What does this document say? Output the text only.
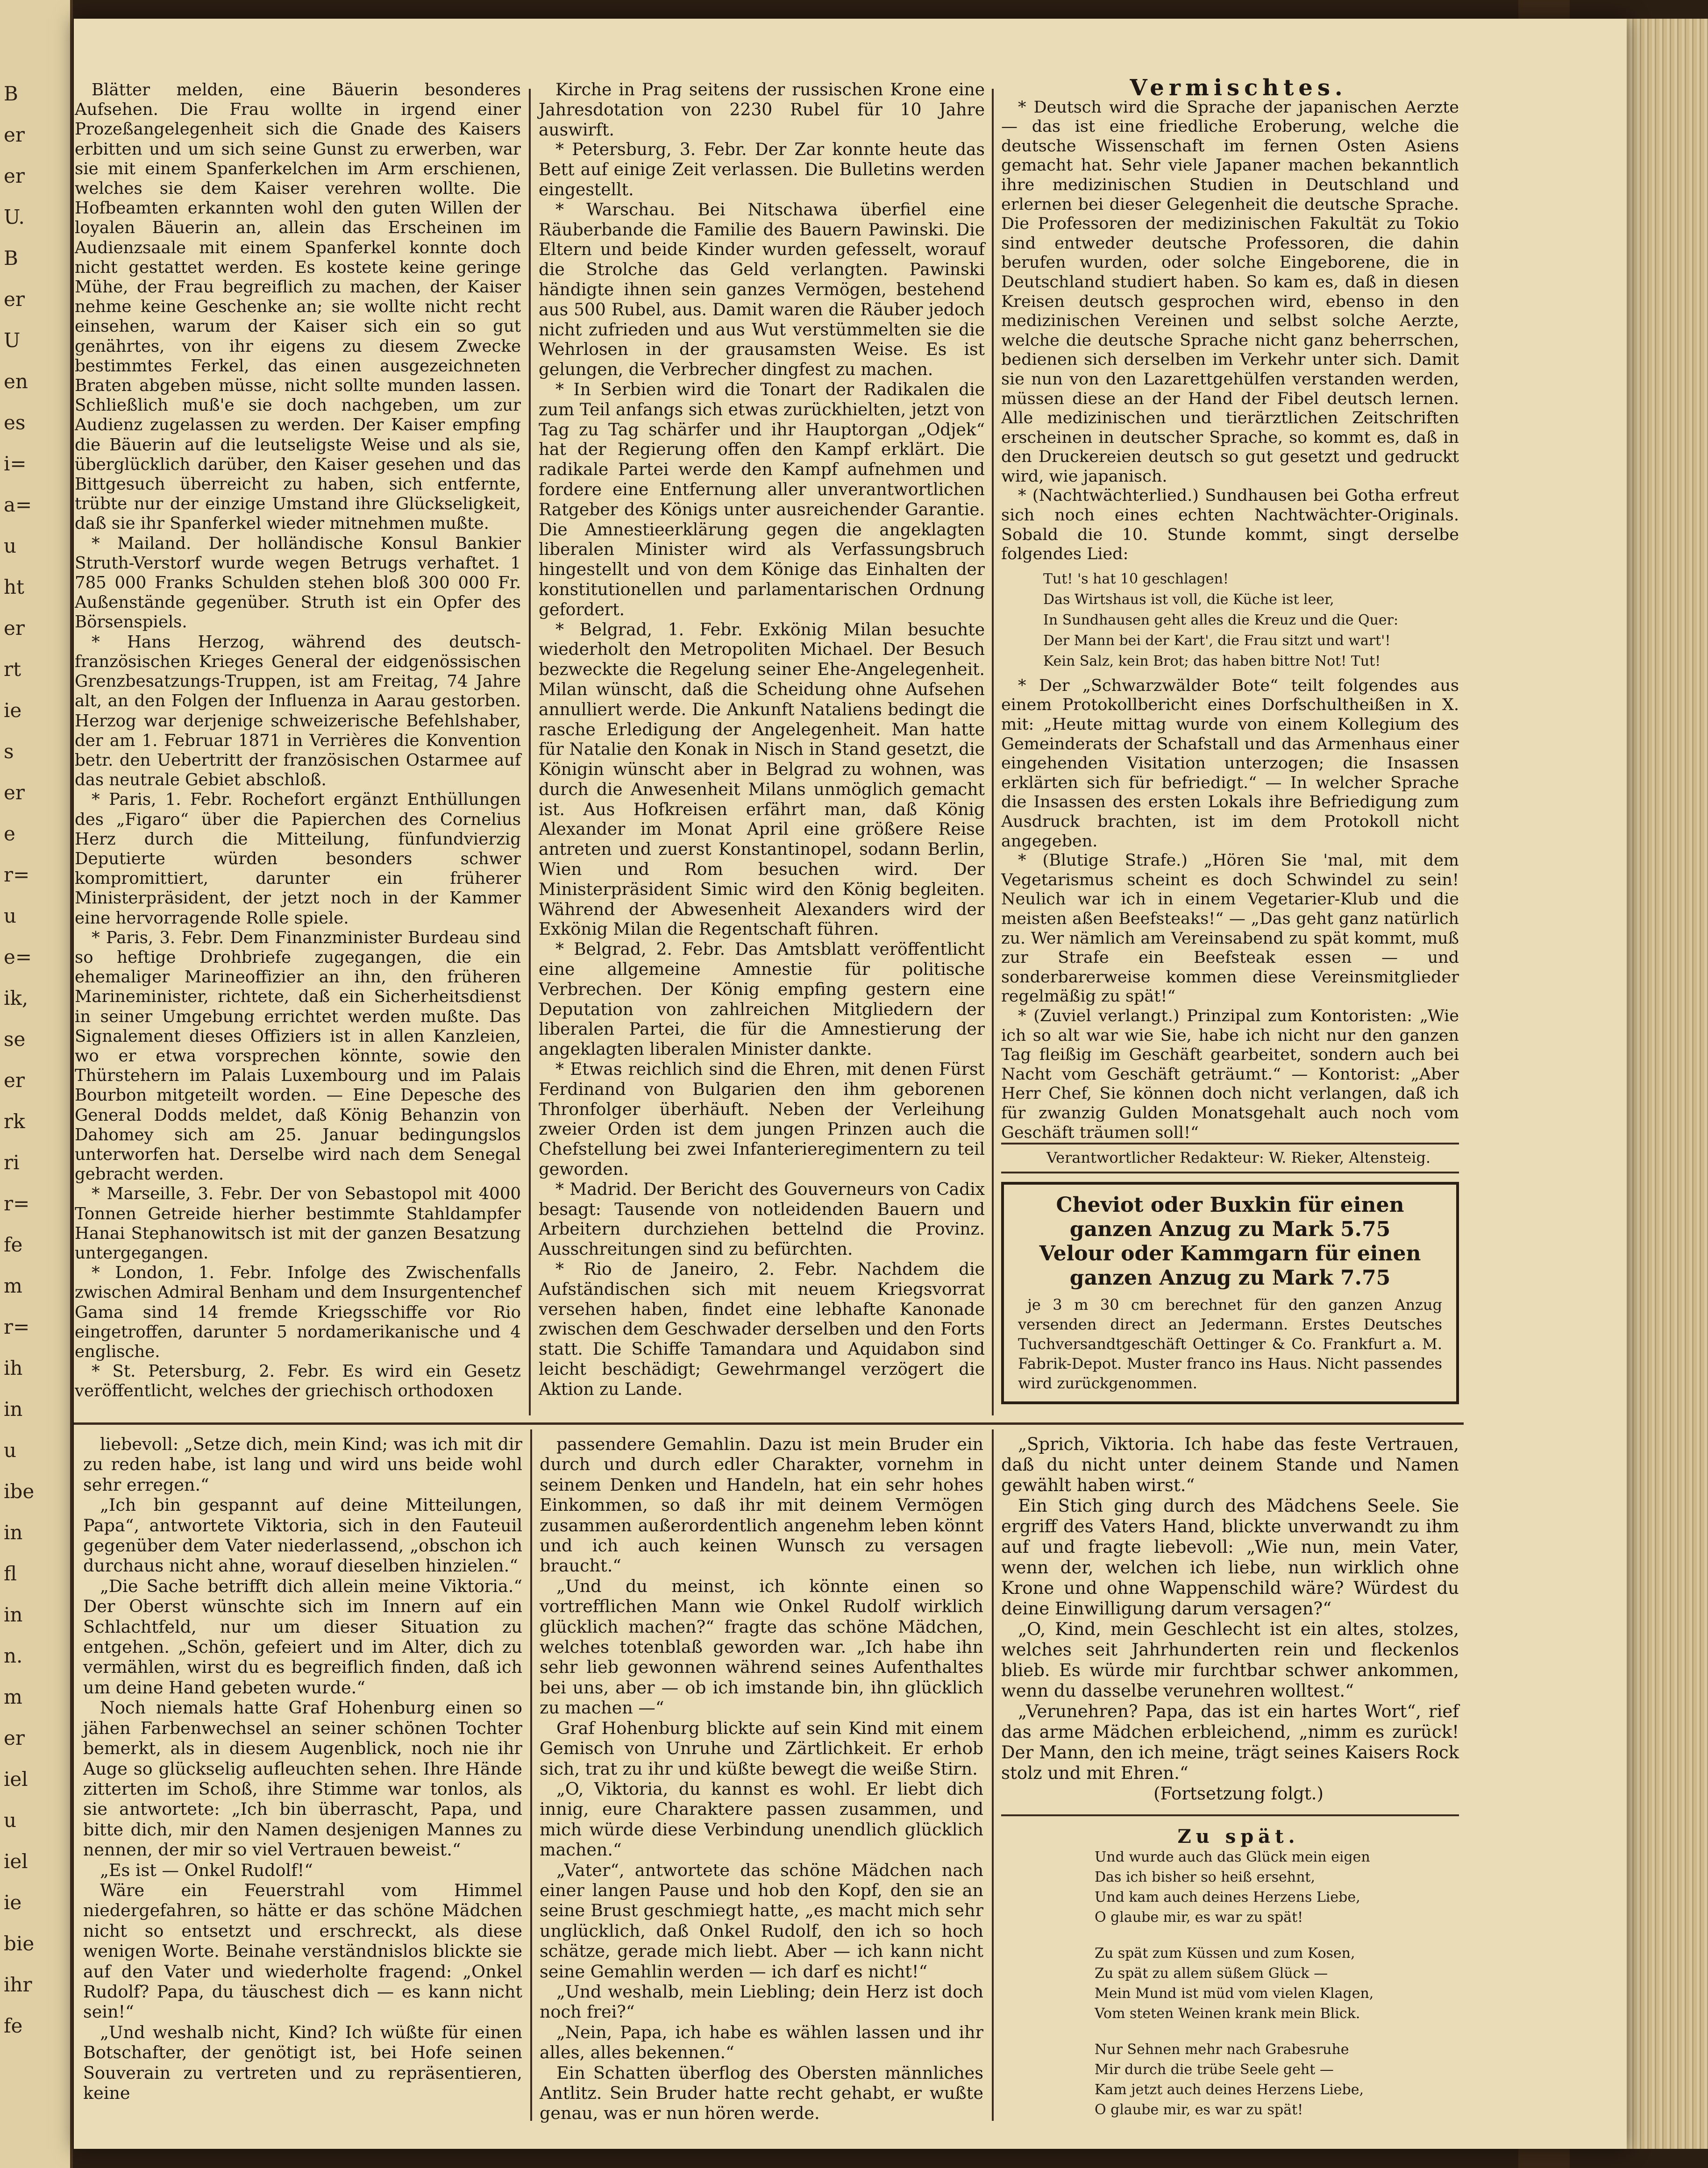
B
er
er
U.
B
er
U
en
es
i=
a=
u
ht
er
rt
ie
s
er
e
r=
u
e=
ik,
se
er
rk
ri
r=
fe
m
r=
ih
in
u
ibe
in
fl
in
n.
m
er
iel
u
iel
ie
bie
ihr
fe

Blätter melden, eine Bäuerin besonderes Aufsehen. Die Frau wollte in irgend einer Prozeßangelegenheit sich die Gnade des Kaisers erbitten und um sich seine Gunst zu erwerben, war sie mit einem Spanferkelchen im Arm erschienen, welches sie dem Kaiser verehren wollte. Die Hofbeamten erkannten wohl den guten Willen der loyalen Bäuerin an, allein das Erscheinen im Audienzsaale mit einem Spanferkel konnte doch nicht gestattet werden. Es kostete keine geringe Mühe, der Frau begreiflich zu machen, der Kaiser nehme keine Geschenke an; sie wollte nicht recht einsehen, warum der Kaiser sich ein so gut genährtes, von ihr eigens zu diesem Zwecke bestimmtes Ferkel, das einen ausgezeichneten Braten abgeben müsse, nicht sollte munden lassen. Schließlich muß'e sie doch nachgeben, um zur Audienz zugelassen zu werden. Der Kaiser empfing die Bäuerin auf die leutseligste Weise und als sie, überglücklich darüber, den Kaiser gesehen und das Bittgesuch überreicht zu haben, sich entfernte, trübte nur der einzige Umstand ihre Glückseligkeit, daß sie ihr Spanferkel wieder mitnehmen mußte.

* Mailand. Der holländische Konsul Bankier Struth-Verstorf wurde wegen Betrugs verhaftet. 1 785 000 Franks Schulden stehen bloß 300 000 Fr. Außenstände gegenüber. Struth ist ein Opfer des Börsenspiels.

* Hans Herzog, während des deutsch-französischen Krieges General der eidgenössischen Grenzbesatzungs-Truppen, ist am Freitag, 74 Jahre alt, an den Folgen der Influenza in Aarau gestorben. Herzog war derjenige schweizerische Befehlshaber, der am 1. Februar 1871 in Verrières die Konvention betr. den Uebertritt der französischen Ostarmee auf das neutrale Gebiet abschloß.

* Paris, 1. Febr. Rochefort ergänzt Enthüllungen des „Figaro“ über die Papierchen des Cornelius Herz durch die Mitteilung, fünfundvierzig Deputierte würden besonders schwer kompromittiert, darunter ein früherer Ministerpräsident, der jetzt noch in der Kammer eine hervorragende Rolle spiele.

* Paris, 3. Febr. Dem Finanzminister Burdeau sind so heftige Drohbriefe zugegangen, die ein ehemaliger Marineoffizier an ihn, den früheren Marineminister, richtete, daß ein Sicherheitsdienst in seiner Umgebung errichtet werden mußte. Das Signalement dieses Offiziers ist in allen Kanzleien, wo er etwa vorsprechen könnte, sowie den Thürstehern im Palais Luxembourg und im Palais Bourbon mitgeteilt worden. — Eine Depesche des General Dodds meldet, daß König Behanzin von Dahomey sich am 25. Januar bedingungslos unterworfen hat. Derselbe wird nach dem Senegal gebracht werden.

* Marseille, 3. Febr. Der von Sebastopol mit 4000 Tonnen Getreide hierher bestimmte Stahldampfer Hanai Stephanowitsch ist mit der ganzen Besatzung untergegangen.

* London, 1. Febr. Infolge des Zwischenfalls zwischen Admiral Benham und dem Insurgentenchef Gama sind 14 fremde Kriegsschiffe vor Rio eingetroffen, darunter 5 nordamerikanische und 4 englische.

* St. Petersburg, 2. Febr. Es wird ein Gesetz veröffentlicht, welches der griechisch orthodoxen

Kirche in Prag seitens der russischen Krone eine Jahresdotation von 2230 Rubel für 10 Jahre auswirft.

* Petersburg, 3. Febr. Der Zar konnte heute das Bett auf einige Zeit verlassen. Die Bulletins werden eingestellt.

* Warschau. Bei Nitschawa überfiel eine Räuberbande die Familie des Bauern Pawinski. Die Eltern und beide Kinder wurden gefesselt, worauf die Strolche das Geld verlangten. Pawinski händigte ihnen sein ganzes Vermögen, bestehend aus 500 Rubel, aus. Damit waren die Räuber jedoch nicht zufrieden und aus Wut verstümmelten sie die Wehrlosen in der grausamsten Weise. Es ist gelungen, die Verbrecher dingfest zu machen.

* In Serbien wird die Tonart der Radikalen die zum Teil anfangs sich etwas zurückhielten, jetzt von Tag zu Tag schärfer und ihr Hauptorgan „Odjek“ hat der Regierung offen den Kampf erklärt. Die radikale Partei werde den Kampf aufnehmen und fordere eine Entfernung aller unverantwortlichen Ratgeber des Königs unter ausreichender Garantie. Die Amnestieerklärung gegen die angeklagten liberalen Minister wird als Verfassungsbruch hingestellt und von dem Könige das Einhalten der konstitutionellen und parlamentarischen Ordnung gefordert.

* Belgrad, 1. Febr. Exkönig Milan besuchte wiederholt den Metropoliten Michael. Der Besuch bezweckte die Regelung seiner Ehe-Angelegenheit. Milan wünscht, daß die Scheidung ohne Aufsehen annulliert werde. Die Ankunft Nataliens bedingt die rasche Erledigung der Angelegenheit. Man hatte für Natalie den Konak in Nisch in Stand gesetzt, die Königin wünscht aber in Belgrad zu wohnen, was durch die Anwesenheit Milans unmöglich gemacht ist. Aus Hofkreisen erfährt man, daß König Alexander im Monat April eine größere Reise antreten und zuerst Konstantinopel, sodann Berlin, Wien und Rom besuchen wird. Der Ministerpräsident Simic wird den König begleiten. Während der Abwesenheit Alexanders wird der Exkönig Milan die Regentschaft führen.

* Belgrad, 2. Febr. Das Amtsblatt veröffentlicht eine allgemeine Amnestie für politische Verbrechen. Der König empfing gestern eine Deputation von zahlreichen Mitgliedern der liberalen Partei, die für die Amnestierung der angeklagten liberalen Minister dankte.

* Etwas reichlich sind die Ehren, mit denen Fürst Ferdinand von Bulgarien den ihm geborenen Thronfolger überhäuft. Neben der Verleihung zweier Orden ist dem jungen Prinzen auch die Chefstellung bei zwei Infanterieregimentern zu teil geworden.

* Madrid. Der Bericht des Gouverneurs von Cadix besagt: Tausende von notleidenden Bauern und Arbeitern durchziehen bettelnd die Provinz. Ausschreitungen sind zu befürchten.

* Rio de Janeiro, 2. Febr. Nachdem die Aufständischen sich mit neuem Kriegsvorrat versehen haben, findet eine lebhafte Kanonade zwischen dem Geschwader derselben und den Forts statt. Die Schiffe Tamandara und Aquidabon sind leicht beschädigt; Gewehrmangel verzögert die Aktion zu Lande.

Vermischtes.

* Deutsch wird die Sprache der japanischen Aerzte — das ist eine friedliche Eroberung, welche die deutsche Wissenschaft im fernen Osten Asiens gemacht hat. Sehr viele Japaner machen bekanntlich ihre medizinischen Studien in Deutschland und erlernen bei dieser Gelegenheit die deutsche Sprache. Die Professoren der medizinischen Fakultät zu Tokio sind entweder deutsche Professoren, die dahin berufen wurden, oder solche Eingeborene, die in Deutschland studiert haben. So kam es, daß in diesen Kreisen deutsch gesprochen wird, ebenso in den medizinischen Vereinen und selbst solche Aerzte, welche die deutsche Sprache nicht ganz beherrschen, bedienen sich derselben im Verkehr unter sich. Damit sie nun von den Lazarettgehülfen verstanden werden, müssen diese an der Hand der Fibel deutsch lernen. Alle medizinischen und tierärztlichen Zeitschriften erscheinen in deutscher Sprache, so kommt es, daß in den Druckereien deutsch so gut gesetzt und gedruckt wird, wie japanisch.

* (Nachtwächterlied.) Sundhausen bei Gotha erfreut sich noch eines echten Nachtwächter-Originals. Sobald die 10. Stunde kommt, singt derselbe folgendes Lied:

Tut! 's hat 10 geschlagen!
Das Wirtshaus ist voll, die Küche ist leer,
In Sundhausen geht alles die Kreuz und die Quer:
Der Mann bei der Kart', die Frau sitzt und wart'!
Kein Salz, kein Brot; das haben bittre Not! Tut!

* Der „Schwarzwälder Bote“ teilt folgendes aus einem Protokollbericht eines Dorfschultheißen in X. mit: „Heute mittag wurde von einem Kollegium des Gemeinderats der Schafstall und das Armenhaus einer eingehenden Visitation unterzogen; die Insassen erklärten sich für befriedigt.“ — In welcher Sprache die Insassen des ersten Lokals ihre Befriedigung zum Ausdruck brachten, ist im dem Protokoll nicht angegeben.

* (Blutige Strafe.) „Hören Sie 'mal, mit dem Vegetarismus scheint es doch Schwindel zu sein! Neulich war ich in einem Vegetarier-Klub und die meisten aßen Beefsteaks!“ — „Das geht ganz natürlich zu. Wer nämlich am Vereinsabend zu spät kommt, muß zur Strafe ein Beefsteak essen — und sonderbarerweise kommen diese Vereinsmitglieder regelmäßig zu spät!“

* (Zuviel verlangt.) Prinzipal zum Kontoristen: „Wie ich so alt war wie Sie, habe ich nicht nur den ganzen Tag fleißig im Geschäft gearbeitet, sondern auch bei Nacht vom Geschäft geträumt.“ — Kontorist: „Aber Herr Chef, Sie können doch nicht verlangen, daß ich für zwanzig Gulden Monatsgehalt auch noch vom Geschäft träumen soll!“

Verantwortlicher Redakteur: W. Rieker, Altensteig.

Cheviot oder Buxkin für einen ganzen Anzug zu Mark 5.75

Velour oder Kammgarn für einen ganzen Anzug zu Mark 7.75

je 3 m 30 cm berechnet für den ganzen Anzug versenden direct an Jedermann. Erstes Deutsches Tuchversandtgeschäft Oettinger & Co. Frankfurt a. M. Fabrik-Depot. Muster franco ins Haus. Nicht passendes wird zurückgenommen.

liebevoll: „Setze dich, mein Kind; was ich mit dir zu reden habe, ist lang und wird uns beide wohl sehr erregen.“

„Ich bin gespannt auf deine Mitteilungen, Papa“, antwortete Viktoria, sich in den Fauteuil gegenüber dem Vater niederlassend, „obschon ich durchaus nicht ahne, worauf dieselben hinzielen.“

„Die Sache betrifft dich allein meine Viktoria.“ Der Oberst wünschte sich im Innern auf ein Schlachtfeld, nur um dieser Situation zu entgehen. „Schön, gefeiert und im Alter, dich zu vermählen, wirst du es begreiflich finden, daß ich um deine Hand gebeten wurde.“

Noch niemals hatte Graf Hohenburg einen so jähen Farbenwechsel an seiner schönen Tochter bemerkt, als in diesem Augenblick, noch nie ihr Auge so glückselig aufleuchten sehen. Ihre Hände zitterten im Schoß, ihre Stimme war tonlos, als sie antwortete: „Ich bin überrascht, Papa, und bitte dich, mir den Namen desjenigen Mannes zu nennen, der mir so viel Vertrauen beweist.“

„Es ist — Onkel Rudolf!“

Wäre ein Feuerstrahl vom Himmel niedergefahren, so hätte er das schöne Mädchen nicht so entsetzt und erschreckt, als diese wenigen Worte. Beinahe verständnislos blickte sie auf den Vater und wiederholte fragend: „Onkel Rudolf? Papa, du täuschest dich — es kann nicht sein!“

„Und weshalb nicht, Kind? Ich wüßte für einen Botschafter, der genötigt ist, bei Hofe seinen Souverain zu vertreten und zu repräsentieren, keine

passendere Gemahlin. Dazu ist mein Bruder ein durch und durch edler Charakter, vornehm in seinem Denken und Handeln, hat ein sehr hohes Einkommen, so daß ihr mit deinem Vermögen zusammen außerordentlich angenehm leben könnt und ich auch keinen Wunsch zu versagen braucht.“

„Und du meinst, ich könnte einen so vortrefflichen Mann wie Onkel Rudolf wirklich glücklich machen?“ fragte das schöne Mädchen, welches totenblaß geworden war. „Ich habe ihn sehr lieb gewonnen während seines Aufenthaltes bei uns, aber — ob ich imstande bin, ihn glücklich zu machen —“

Graf Hohenburg blickte auf sein Kind mit einem Gemisch von Unruhe und Zärtlichkeit. Er erhob sich, trat zu ihr und küßte bewegt die weiße Stirn.

„O, Viktoria, du kannst es wohl. Er liebt dich innig, eure Charaktere passen zusammen, und mich würde diese Verbindung unendlich glücklich machen.“

„Vater“, antwortete das schöne Mädchen nach einer langen Pause und hob den Kopf, den sie an seine Brust geschmiegt hatte, „es macht mich sehr unglücklich, daß Onkel Rudolf, den ich so hoch schätze, gerade mich liebt. Aber — ich kann nicht seine Gemahlin werden — ich darf es nicht!“

„Und weshalb, mein Liebling; dein Herz ist doch noch frei?“

„Nein, Papa, ich habe es wählen lassen und ihr alles, alles bekennen.“

Ein Schatten überflog des Obersten männliches Antlitz. Sein Bruder hatte recht gehabt, er wußte genau, was er nun hören werde.

„Sprich, Viktoria. Ich habe das feste Vertrauen, daß du nicht unter deinem Stande und Namen gewählt haben wirst.“

Ein Stich ging durch des Mädchens Seele. Sie ergriff des Vaters Hand, blickte unverwandt zu ihm auf und fragte liebevoll: „Wie nun, mein Vater, wenn der, welchen ich liebe, nun wirklich ohne Krone und ohne Wappenschild wäre? Würdest du deine Einwilligung darum versagen?“

„O, Kind, mein Geschlecht ist ein altes, stolzes, welches seit Jahrhunderten rein und fleckenlos blieb. Es würde mir furchtbar schwer ankommen, wenn du dasselbe verunehren wolltest.“

„Verunehren? Papa, das ist ein hartes Wort“, rief das arme Mädchen erbleichend, „nimm es zurück! Der Mann, den ich meine, trägt seines Kaisers Rock stolz und mit Ehren.“

(Fortsetzung folgt.)

Zu spät.

Und wurde auch das Glück mein eigen
Das ich bisher so heiß ersehnt,
Und kam auch deines Herzens Liebe,
O glaube mir, es war zu spät!
Zu spät zum Küssen und zum Kosen,
Zu spät zu allem süßem Glück —
Mein Mund ist müd vom vielen Klagen,
Vom steten Weinen krank mein Blick.
Nur Sehnen mehr nach Grabesruhe
Mir durch die trübe Seele geht —
Kam jetzt auch deines Herzens Liebe,
O glaube mir, es war zu spät!
